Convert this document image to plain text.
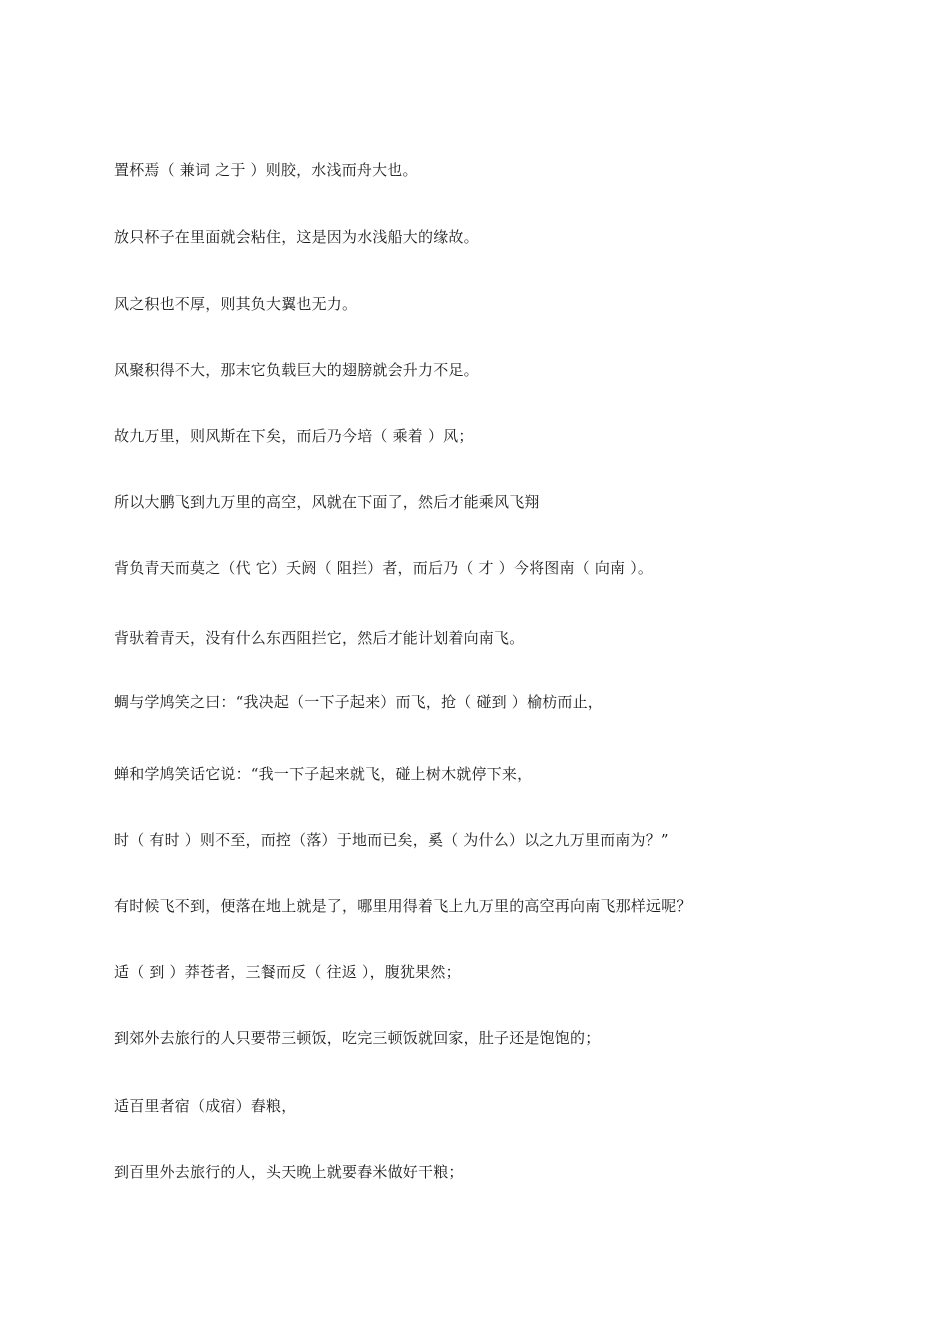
置杯焉（ 兼词 之于 ）则胶，水浅而舟大也。
放只杯子在里面就会粘住，这是因为水浅船大的缘故。
风之积也不厚，则其负大翼也无力。
风聚积得不大，那末它负载巨大的翅膀就会升力不足。
故九万里，则风斯在下矣，而后乃今培（ 乘着 ）风；
所以大鹏飞到九万里的高空，风就在下面了，然后才能乘风飞翔
背负青天而莫之（代 它）夭阏（ 阻拦）者，而后乃（ 才 ）今将图南（ 向南 ）。
背驮着青天，没有什么东西阻拦它，然后才能计划着向南飞。
蜩与学鸠笑之曰：“我决起（一下子起来）而飞，抢（ 碰到 ）榆枋而止，
蝉和学鸠笑话它说：“我一下子起来就飞，碰上树木就停下来，
时（ 有时 ）则不至，而控（落）于地而已矣，奚（ 为什么）以之九万里而南为？”
有时候飞不到，便落在地上就是了，哪里用得着飞上九万里的高空再向南飞那样远呢？
适（ 到 ）莽苍者，三餐而反（ 往返 ），腹犹果然；
到郊外去旅行的人只要带三顿饭，吃完三顿饭就回家，肚子还是饱饱的；
适百里者宿（成宿）舂粮，
到百里外去旅行的人，头天晚上就要舂米做好干粮；
